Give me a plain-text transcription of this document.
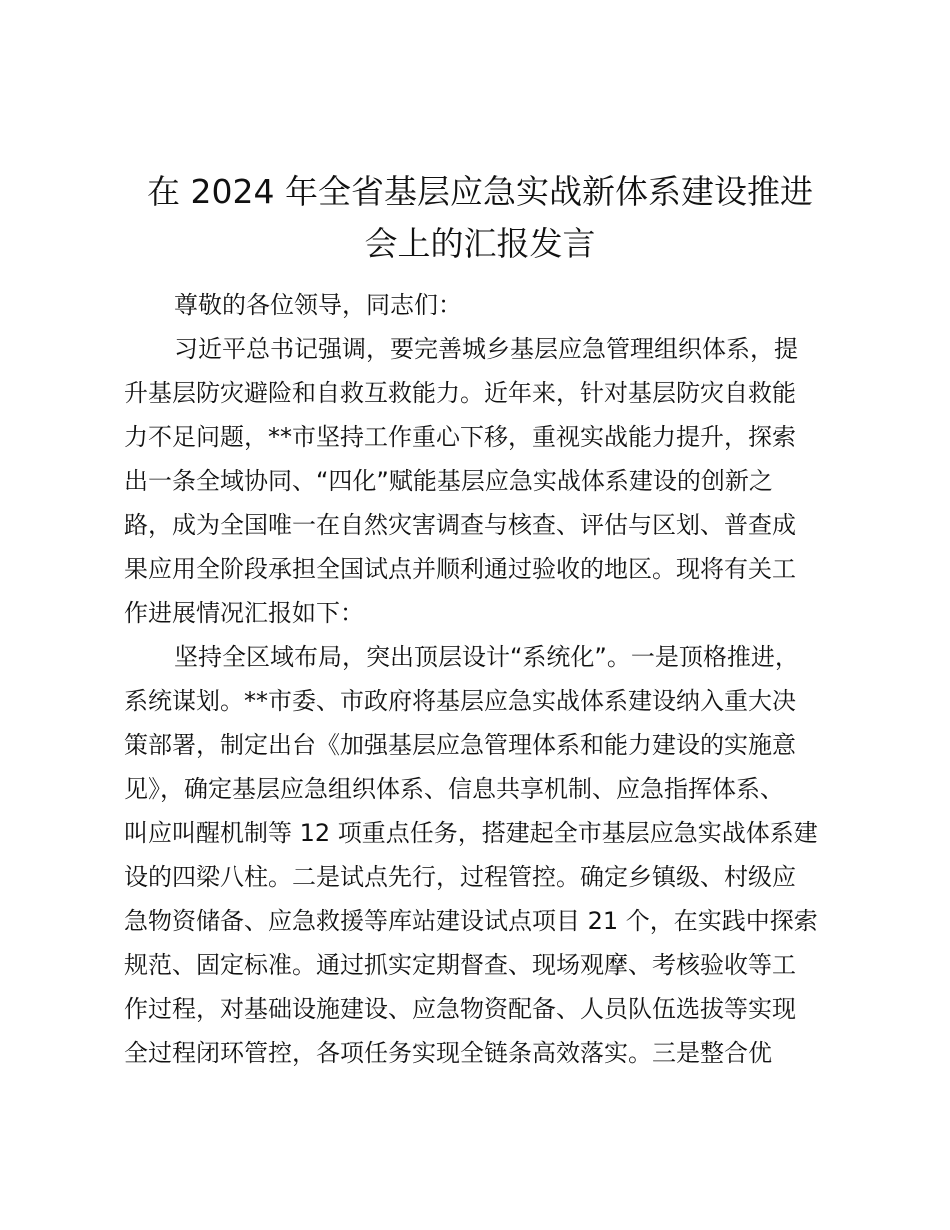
在 2024 年全省基层应急实战新体系建设推进
会上的汇报发言
尊敬的各位领导，同志们：
习近平总书记强调，要完善城乡基层应急管理组织体系，提
升基层防灾避险和自救互救能力。近年来，针对基层防灾自救能
力不足问题，**市坚持工作重心下移，重视实战能力提升，探索
出一条全域协同、“四化”赋能基层应急实战体系建设的创新之
路，成为全国唯一在自然灾害调查与核查、评估与区划、普查成
果应用全阶段承担全国试点并顺利通过验收的地区。现将有关工
作进展情况汇报如下：
坚持全区域布局，突出顶层设计“系统化”。一是顶格推进，
系统谋划。**市委、市政府将基层应急实战体系建设纳入重大决
策部署，制定出台《加强基层应急管理体系和能力建设的实施意
见》，确定基层应急组织体系、信息共享机制、应急指挥体系、
叫应叫醒机制等 12 项重点任务，搭建起全市基层应急实战体系建
设的四梁八柱。二是试点先行，过程管控。确定乡镇级、村级应
急物资储备、应急救援等库站建设试点项目 21 个，在实践中探索
规范、固定标准。通过抓实定期督查、现场观摩、考核验收等工
作过程，对基础设施建设、应急物资配备、人员队伍选拔等实现
全过程闭环管控，各项任务实现全链条高效落实。三是整合优
